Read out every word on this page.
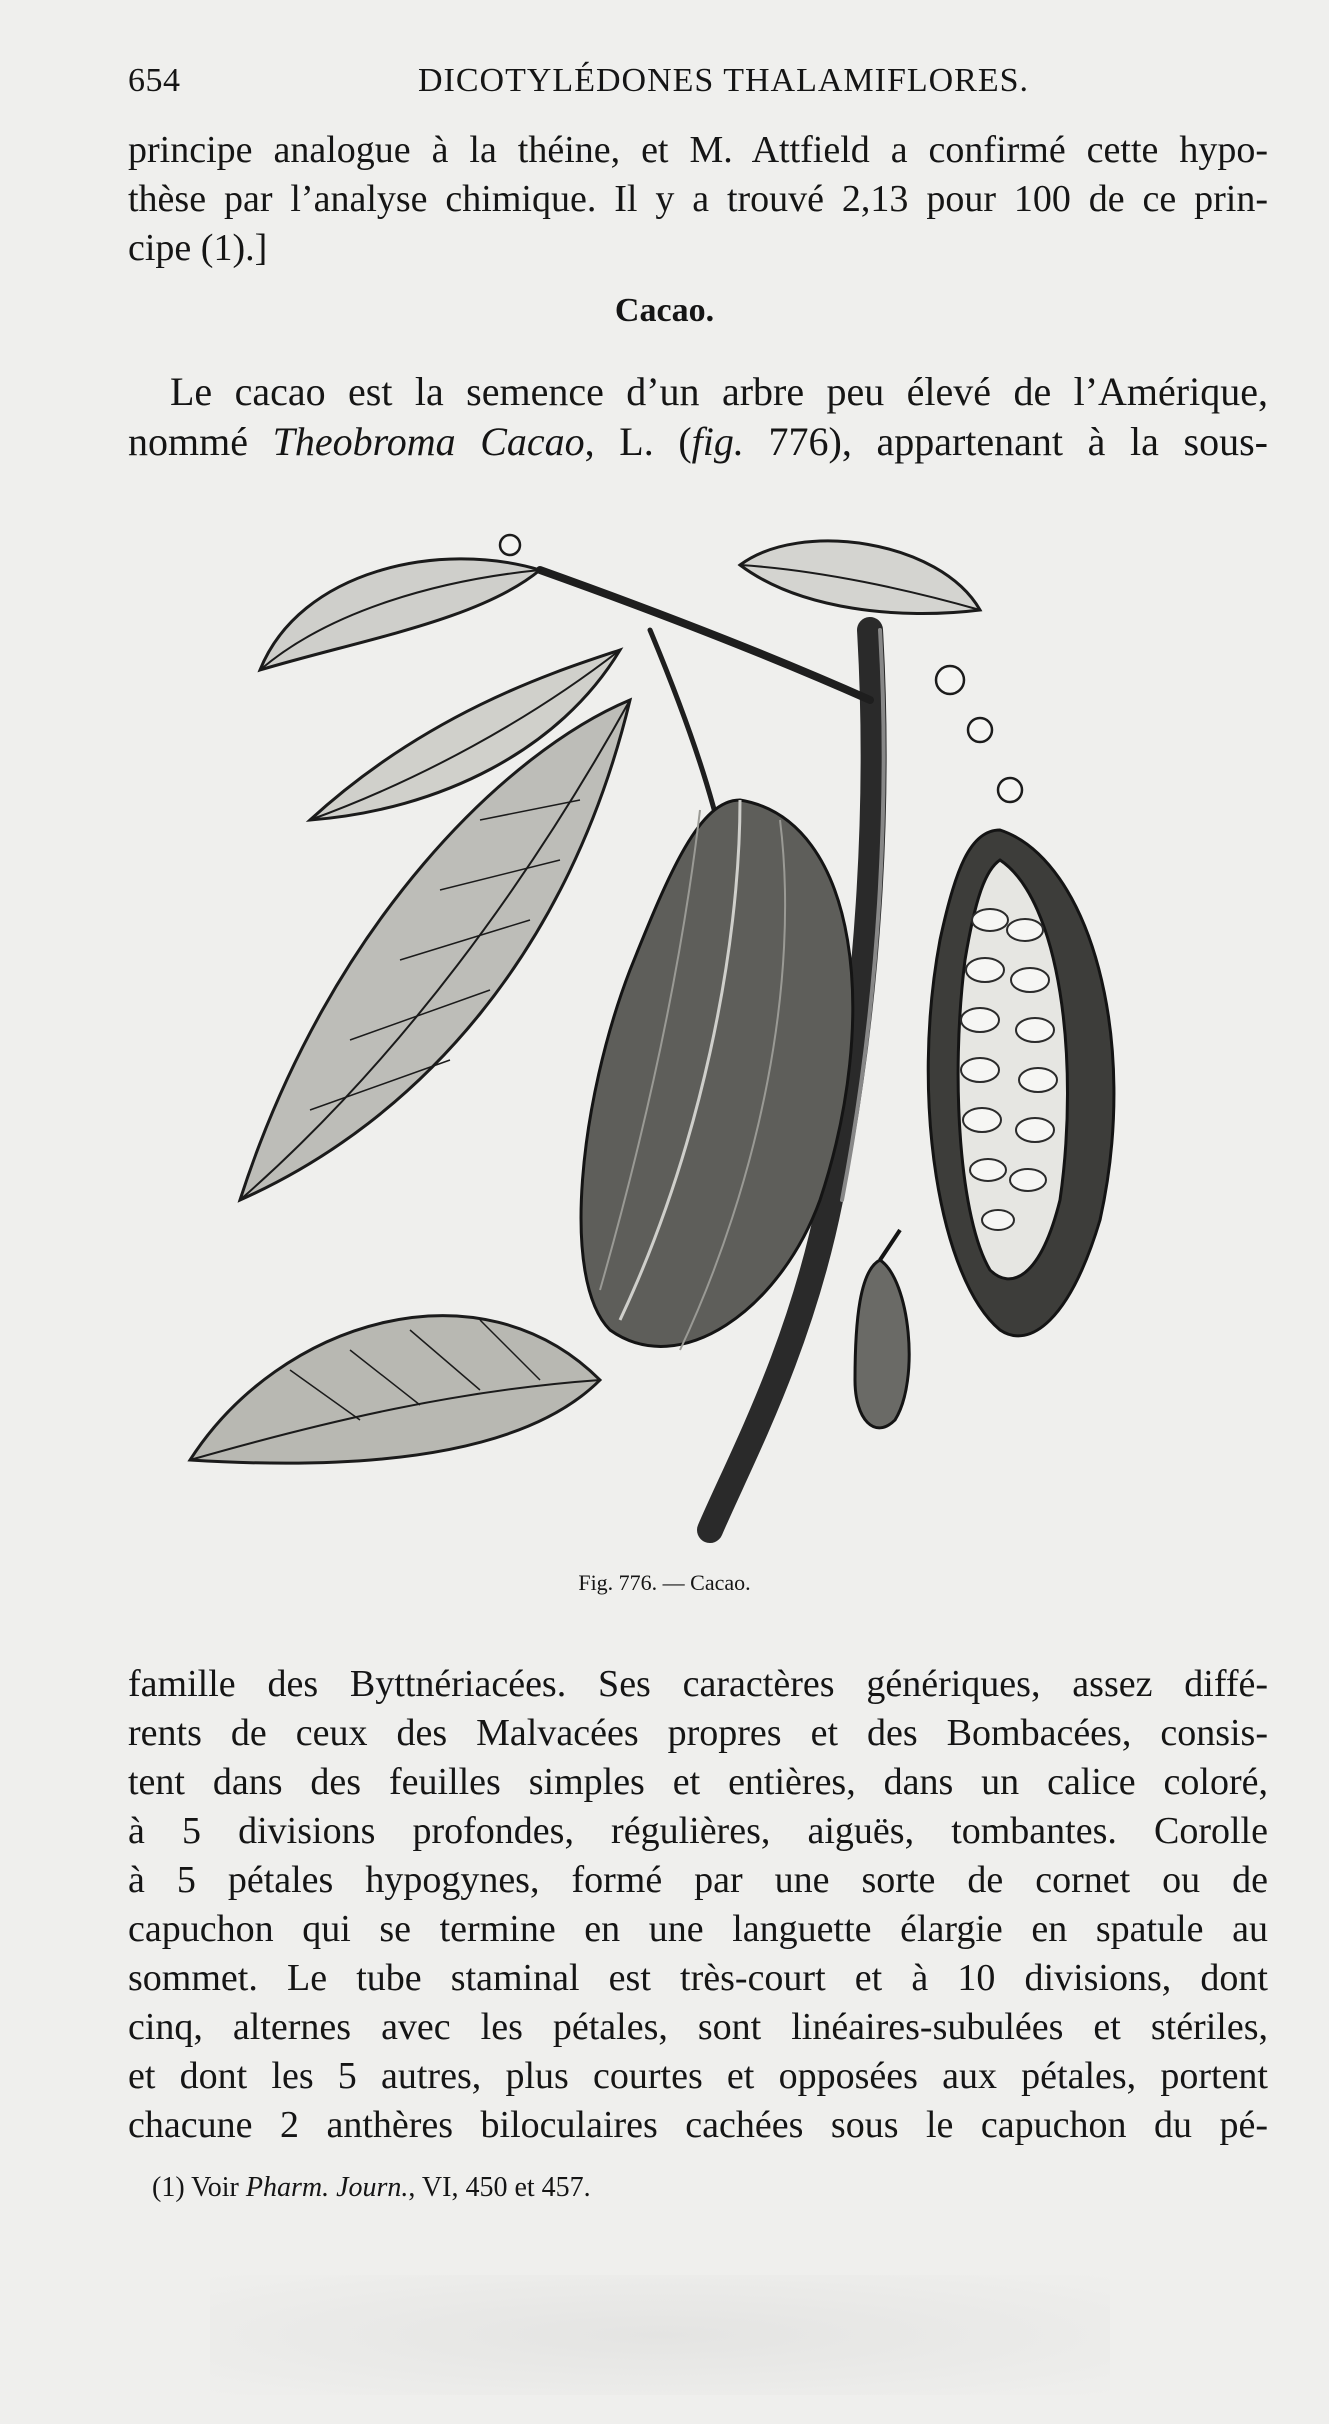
654	DICOTYLÉDONES THALAMIFLORES.
principe analogue à la théine, et M. Attfield a confirmé cette hypo-
thèse par l’analyse chimique. Il y a trouvé 2,13 pour 100 de ce prin-
cipe (1).]
Cacao.
Le cacao est la semence d’un arbre peu élevé de l’Amérique,
nommé Theobroma Cacao, L. (fig. 776), appartenant à la sous-
Fig. 776. — Cacao.
famille des Byttnériacées. Ses caractères génériques, assez diffé-
rents de ceux des Malvacées propres et des Bombacées, consis-
tent dans des feuilles simples et entières, dans un calice coloré,
à 5 divisions profondes, régulières, aiguës, tombantes. Corolle
à 5 pétales hypogynes, formé par une sorte de cornet ou de
capuchon qui se termine en une languette élargie en spatule au
sommet. Le tube staminal est très-court et à 10 divisions, dont
cinq, alternes avec les pétales, sont linéaires-subulées et stériles,
et dont les 5 autres, plus courtes et opposées aux pétales, portent
chacune 2 anthères biloculaires cachées sous le capuchon du pé-
(1) Voir Pharm. Journ., VI, 450 et 457.
